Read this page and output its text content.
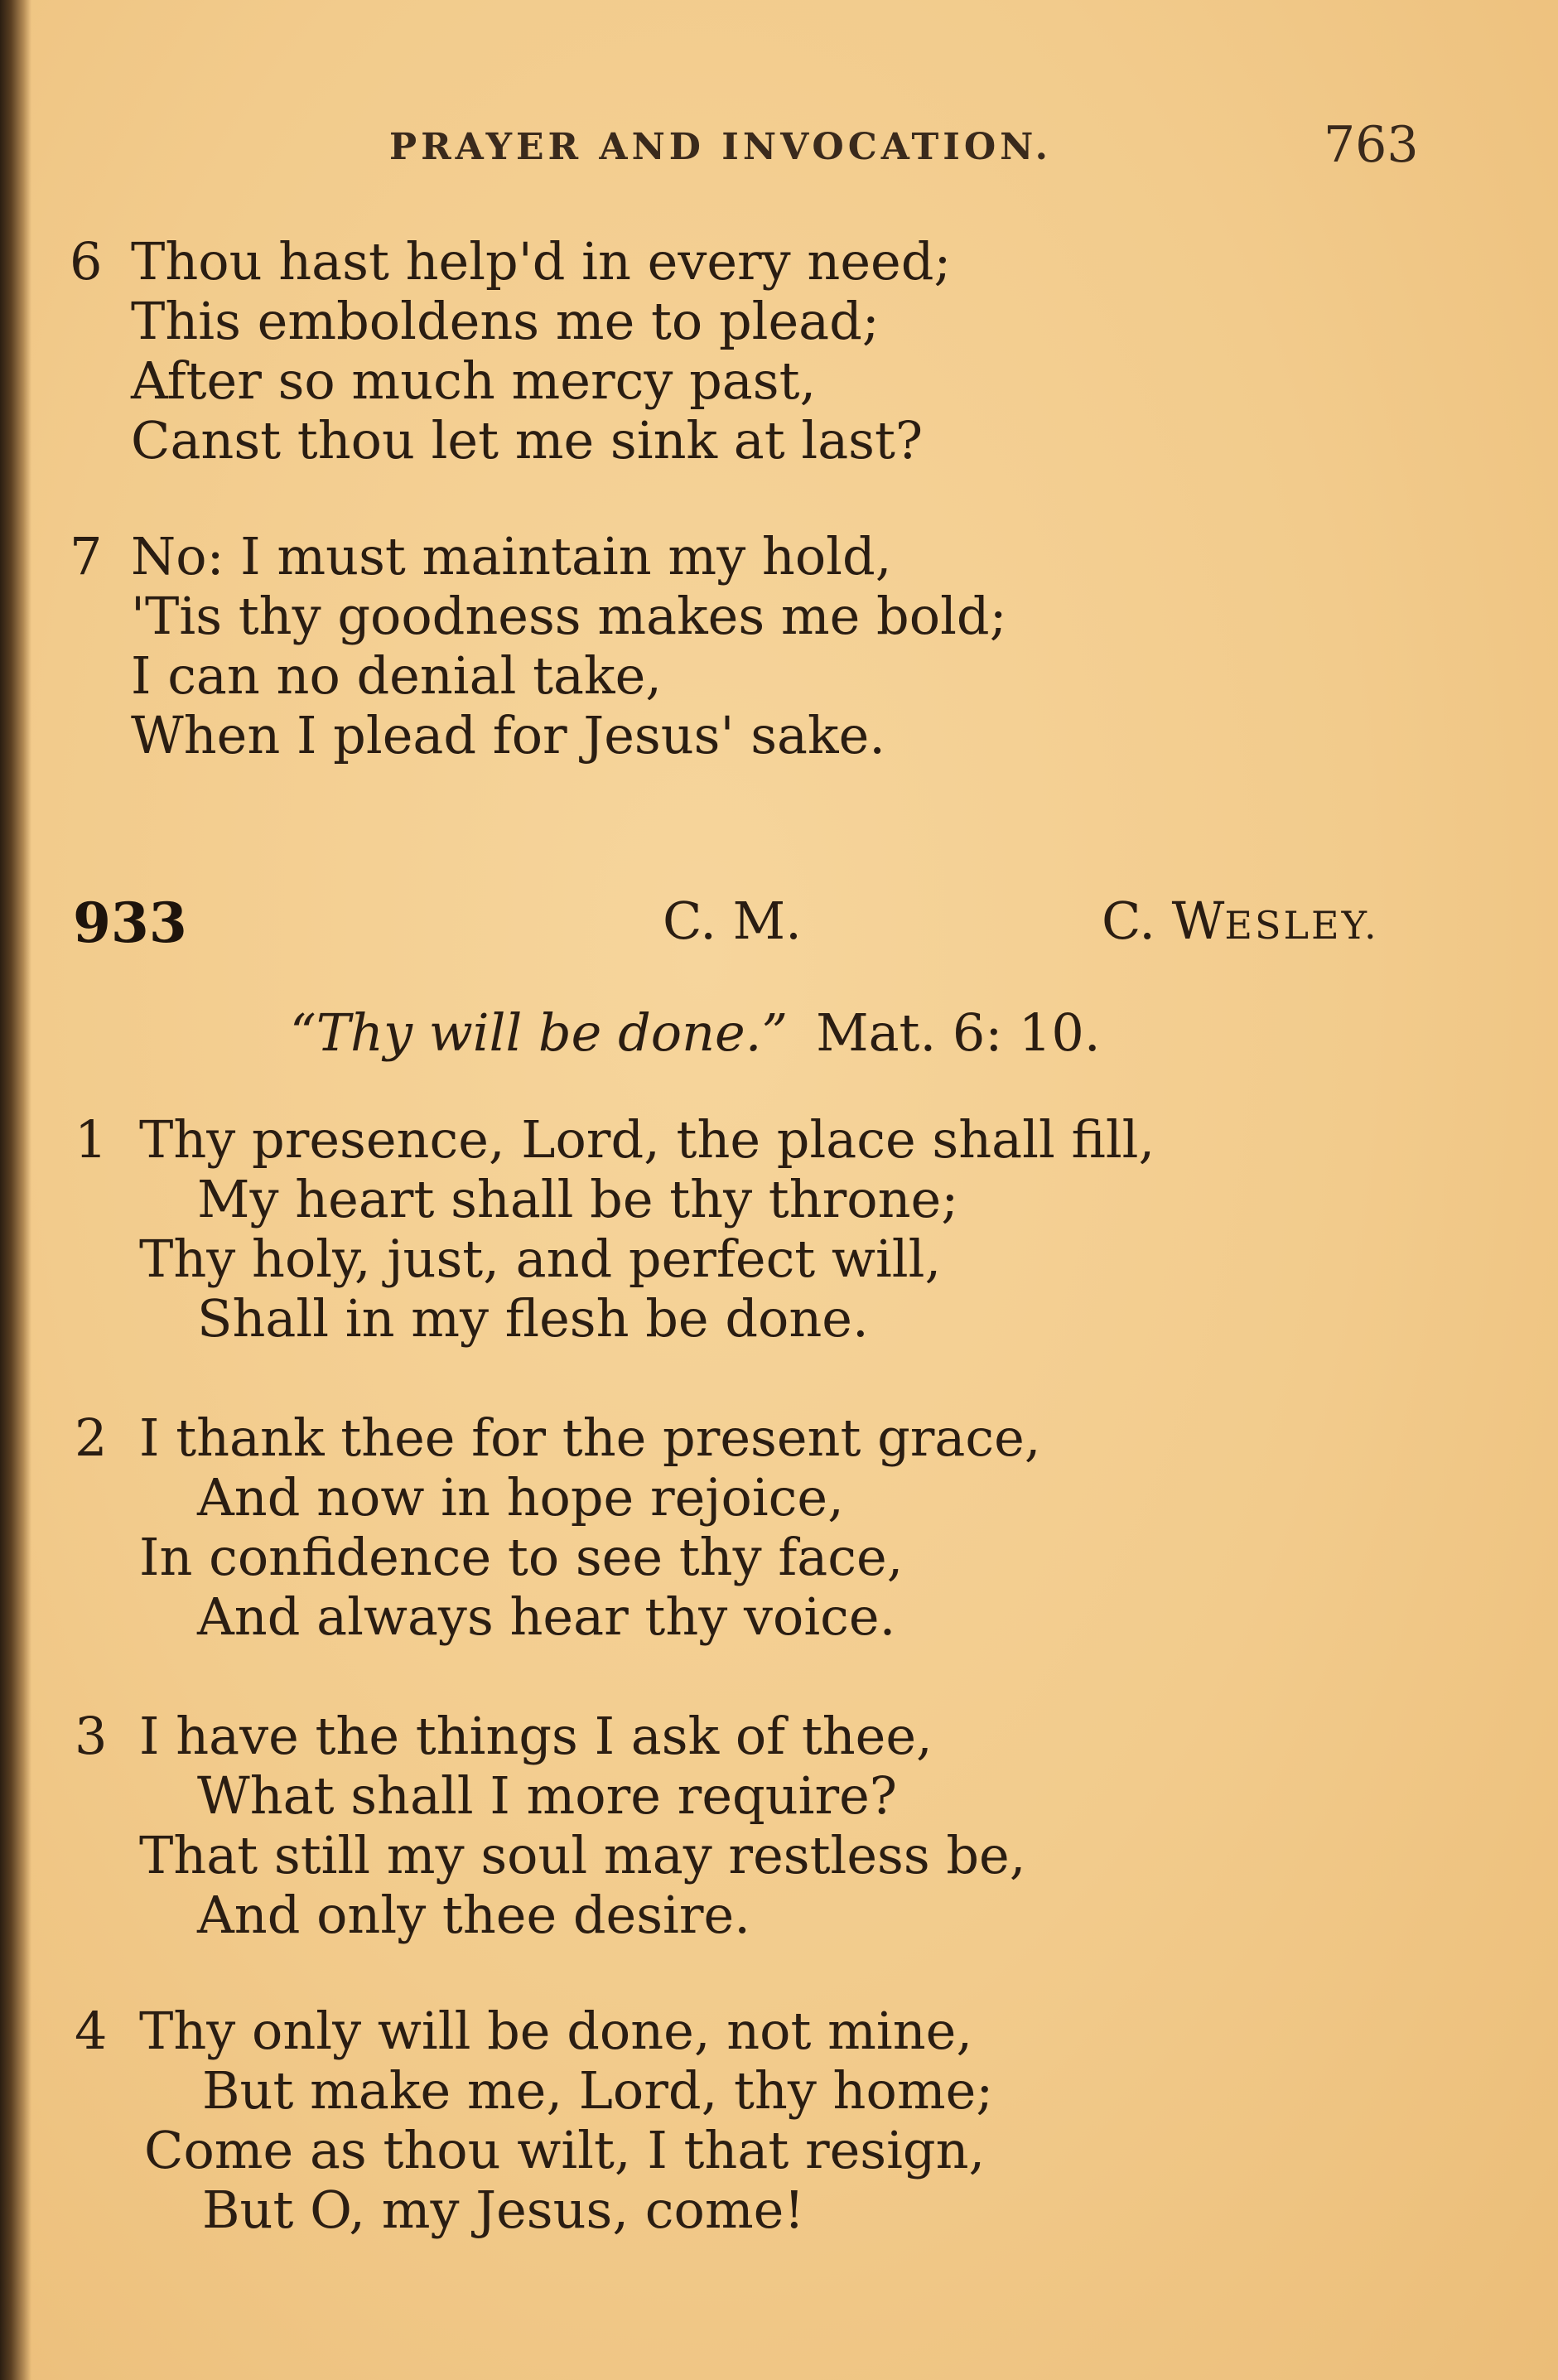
PRAYER AND INVOCATION.	763
6 Thou hast help'd in every need;
This emboldens me to plead;
After so much mercy past,
Canst thou let me sink at last?
7 No: I must maintain my hold,
'Tis thy goodness makes me bold;
I can no denial take,
When I plead for Jesus' sake.
933	C. M.	C. WESLEY.
“Thy will be done.” Mat. 6: 10.
1 Thy presence, Lord, the place shall fill,
My heart shall be thy throne;
Thy holy, just, and perfect will,
Shall in my flesh be done.
2 I thank thee for the present grace,
And now in hope rejoice,
In confidence to see thy face,
And always hear thy voice.
3 I have the things I ask of thee,
What shall I more require?
That still my soul may restless be,
And only thee desire.
4 Thy only will be done, not mine,
But make me, Lord, thy home;
Come as thou wilt, I that resign,
But O, my Jesus, come!
